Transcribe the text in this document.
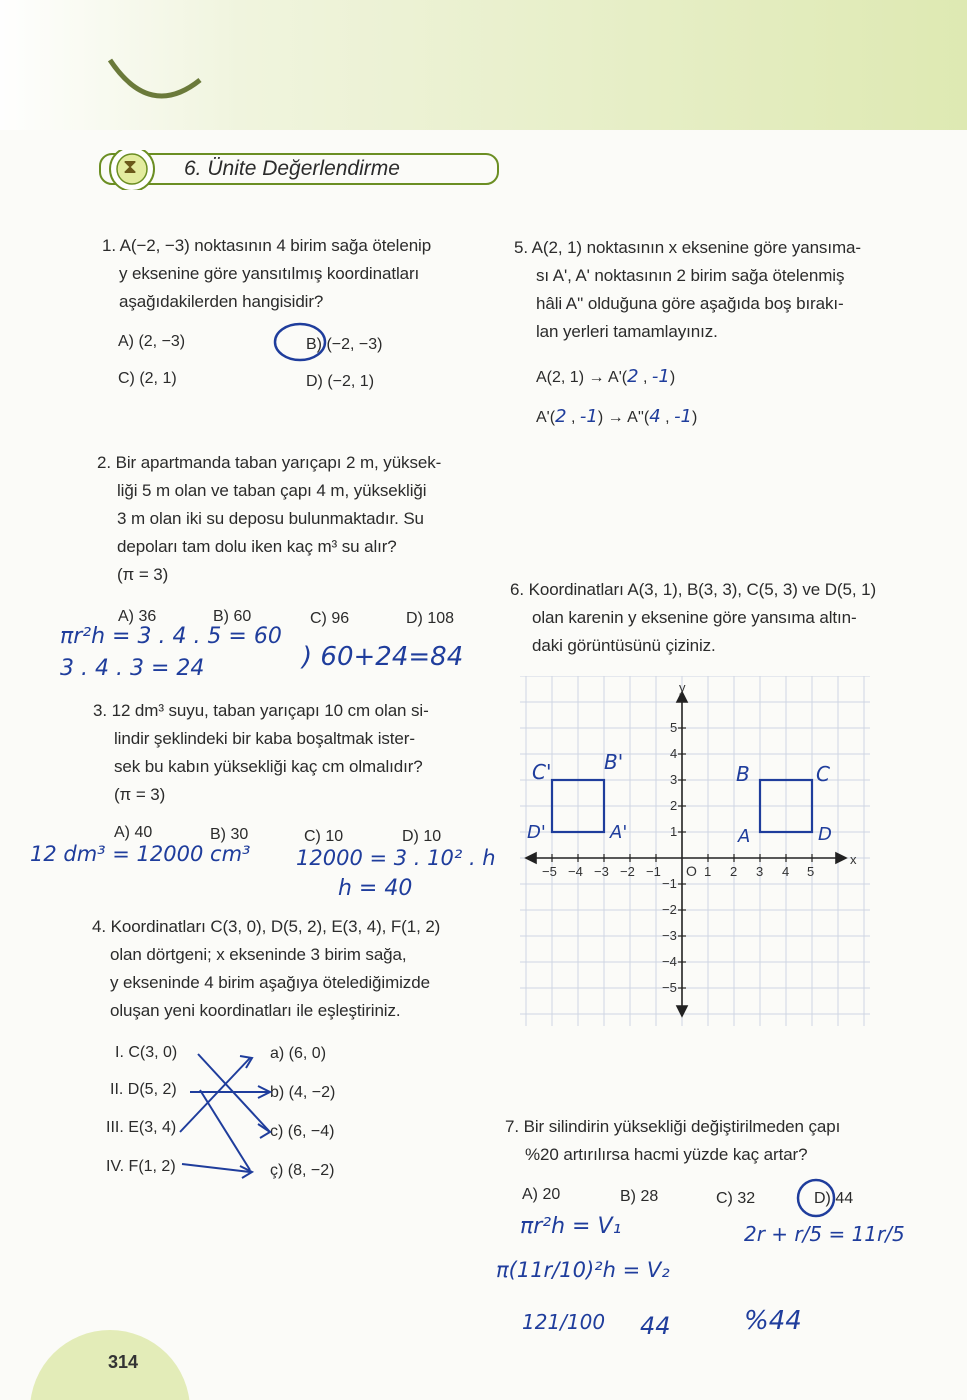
⧗ 6. Ünite Değerlendirme
1. A(−2, −3) noktasının 4 birim sağa ötelenip
y eksenine göre yansıtılmış koordinatları
aşağıdakilerden hangisidir?
A) (2, −3)	B) (−2, −3)
C) (2, 1)	D) (−2, 1)
2. Bir apartmanda taban yarıçapı 2 m, yüksek-
liği 5 m olan ve taban çapı 4 m, yüksekliği
3 m olan iki su deposu bulunmaktadır. Su
depoları tam dolu iken kaç m³ su alır?
(π = 3)
A) 36	B) 60	C) 96	D) 108
πr²h = 3 . 4 . 5 = 60
3 . 4 . 3 = 24	) 60+24=84
3. 12 dm³ suyu, taban yarıçapı 10 cm olan si-
lindir şeklindeki bir kaba boşaltmak ister-
sek bu kabın yüksekliği kaç cm olmalıdır?
(π = 3)
A) 40	B) 30	C) 10	D) 10
12 dm³ = 12000 cm³ 12000 = 3 . 10² . h
h = 40
4. Koordinatları C(3, 0), D(5, 2), E(3, 4), F(1, 2)
olan dörtgeni; x ekseninde 3 birim sağa,
y ekseninde 4 birim aşağıya ötelediğimizde
oluşan yeni koordinatları ile eşleştiriniz.
I. C(3, 0)
II. D(5, 2)
III. E(3, 4)
IV. F(1, 2)
a) (6, 0)
b) (4, −2)
c) (6, −4)
ç) (8, −2)
5. A(2, 1) noktasının x eksenine göre yansıma-
sı A', A' noktasının 2 birim sağa ötelenmiş
hâli A'' olduğuna göre aşağıda boş bırakı-
lan yerleri tamamlayınız.
A(2, 1) → A'(2 , -1)
A'(2 , -1) → A''(4 , -1)
6. Koordinatları A(3, 1), B(3, 3), C(5, 3) ve D(5, 1)
olan karenin y eksenine göre yansıma altın-
daki görüntüsünü çiziniz.
y
x
O
−5 −4 −3 −2 −1	1 2 3 4 5
5
4
3
2
1
−1
−2
−3
−4
−5
B	C
A	D
C'	B'
D'	A'
7. Bir silindirin yüksekliği değiştirilmeden çapı
%20 artırılırsa hacmi yüzde kaç artar?
A) 20	B) 28	C) 32	D) 44
πr²h = V₁
π(11r/10)²h = V₂
121/100 44
2r + r/5 = 11r/5
%44
314
